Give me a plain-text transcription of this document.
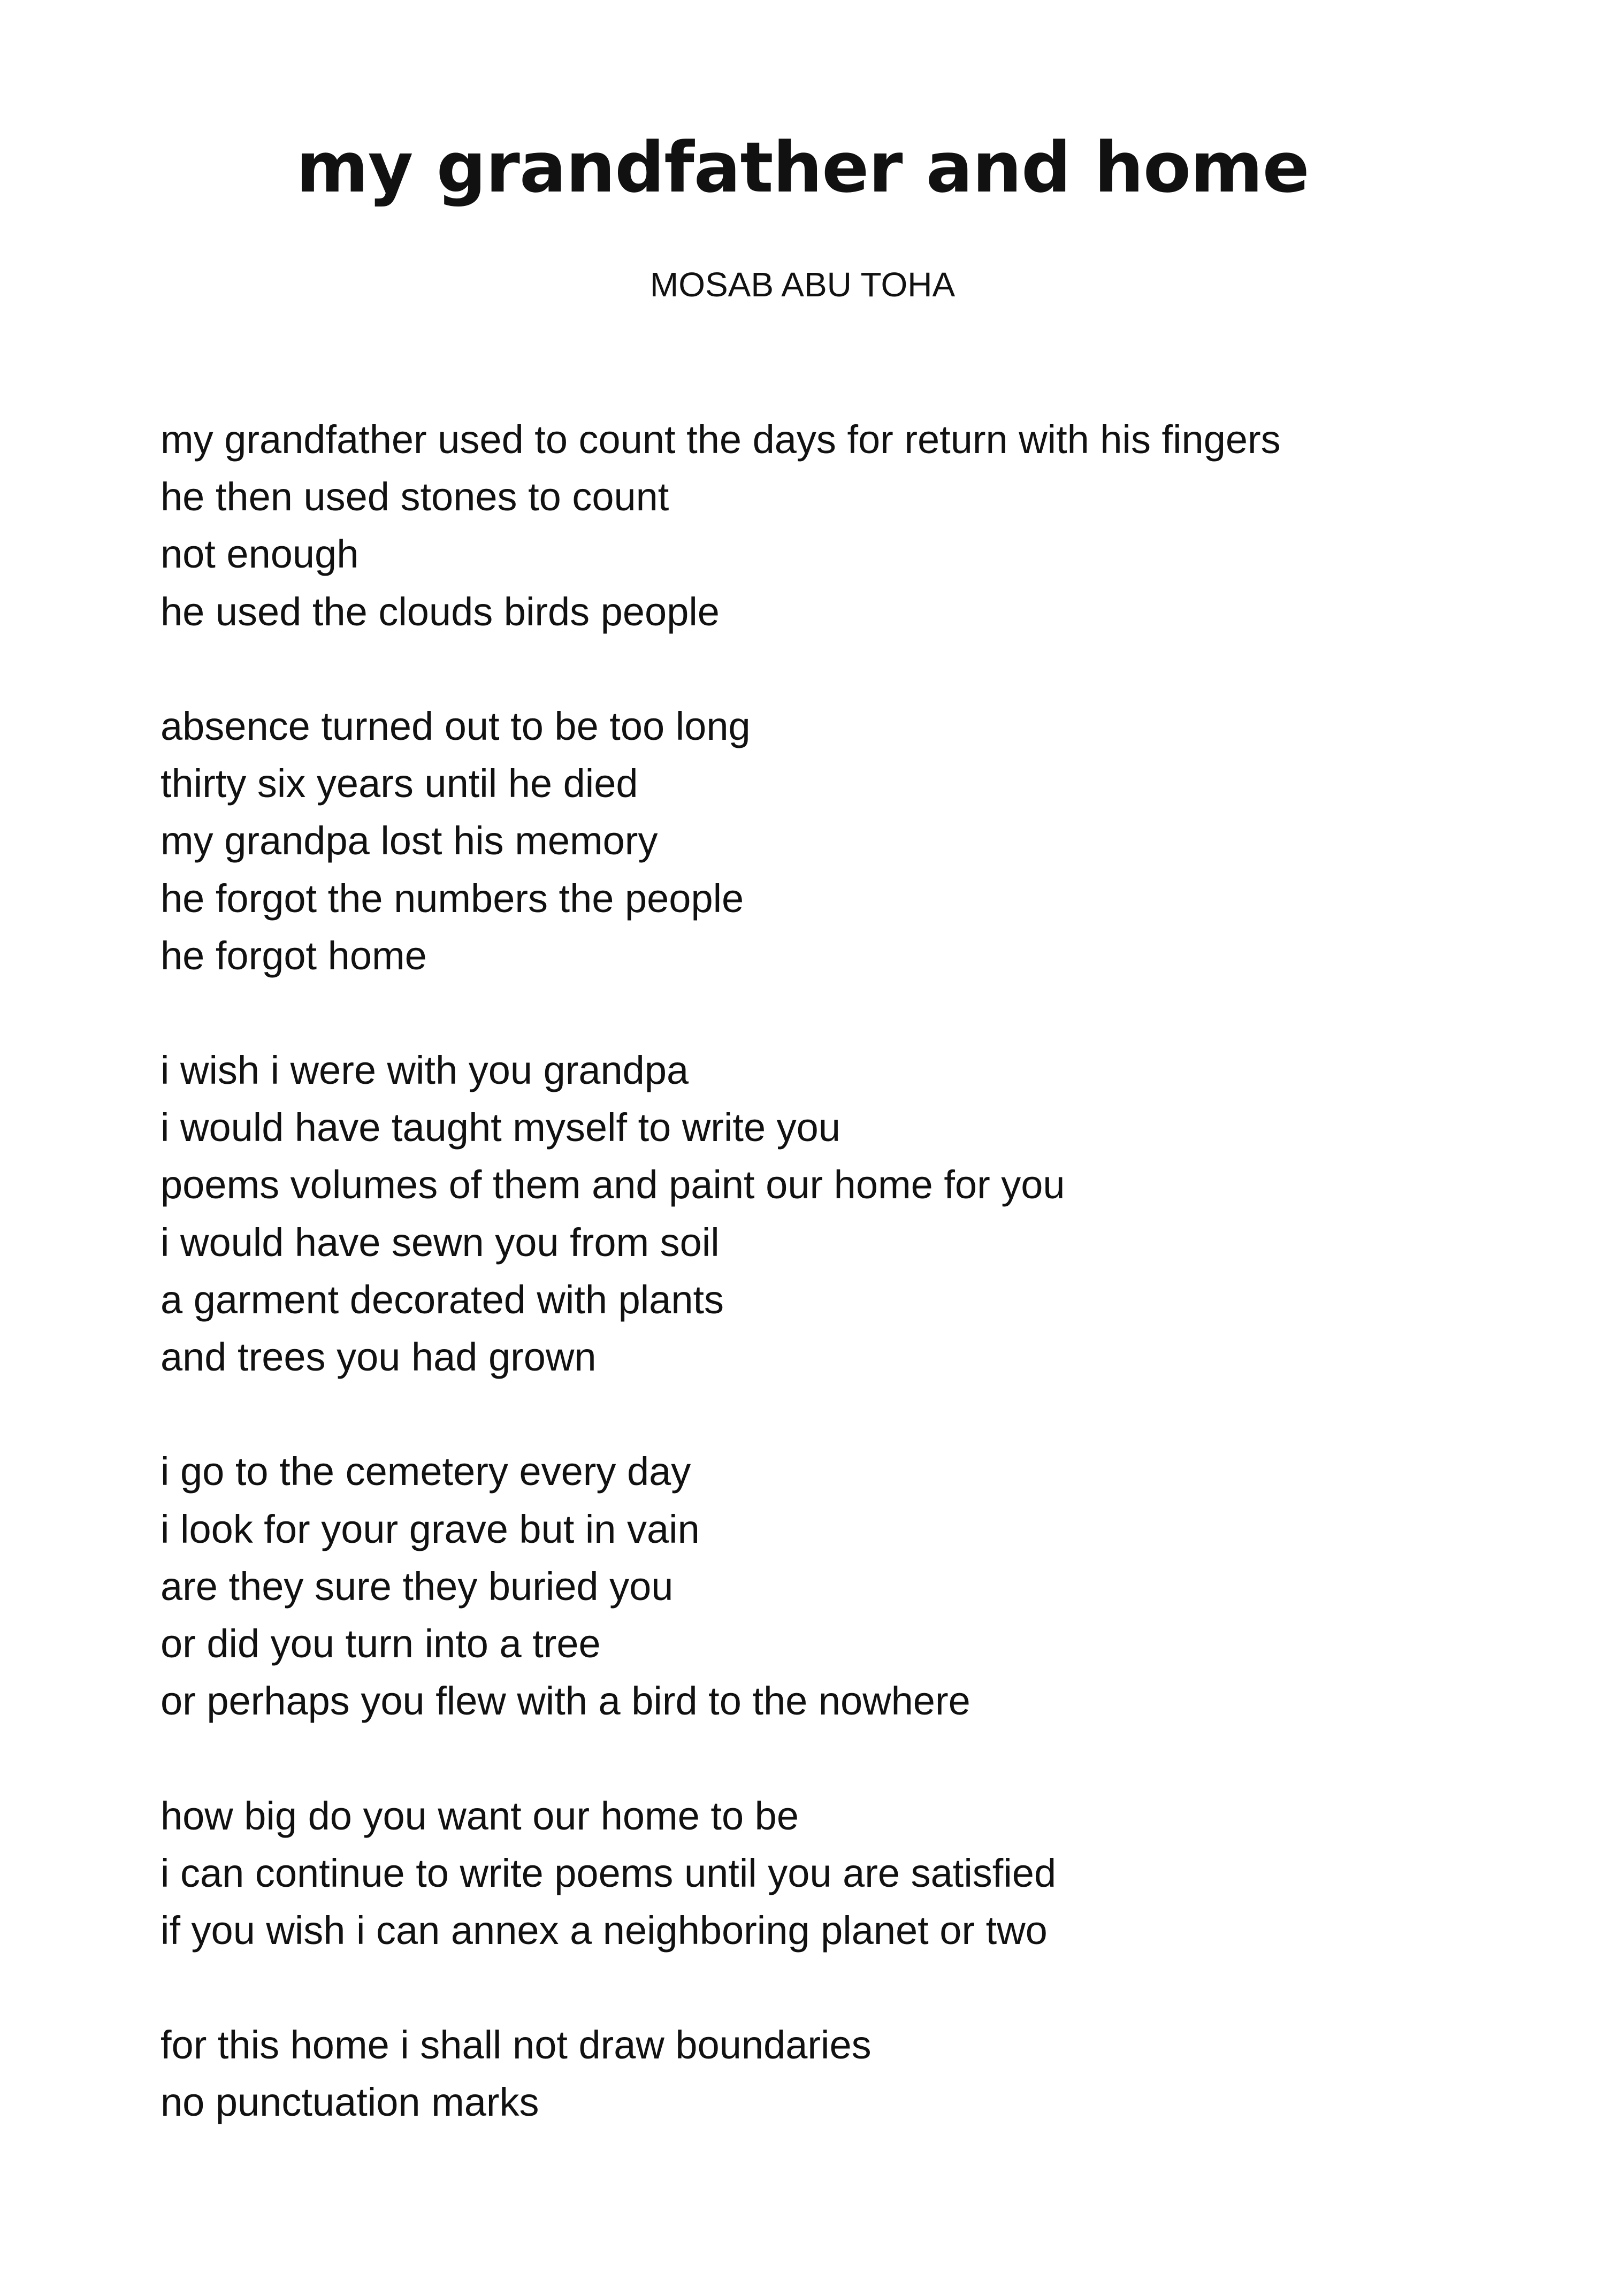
my grandfather and home
MOSAB ABU TOHA
my grandfather used to count the days for return with his fingers
he then used stones to count
not enough
he used the clouds birds people
absence turned out to be too long
thirty six years until he died
my grandpa lost his memory
he forgot the numbers the people
he forgot home
i wish i were with you grandpa
i would have taught myself to write you
poems volumes of them and paint our home for you
i would have sewn you from soil
a garment decorated with plants
and trees you had grown
i go to the cemetery every day
i look for your grave but in vain
are they sure they buried you
or did you turn into a tree
or perhaps you flew with a bird to the nowhere
how big do you want our home to be
i can continue to write poems until you are satisfied
if you wish i can annex a neighboring planet or two
for this home i shall not draw boundaries
no punctuation marks
